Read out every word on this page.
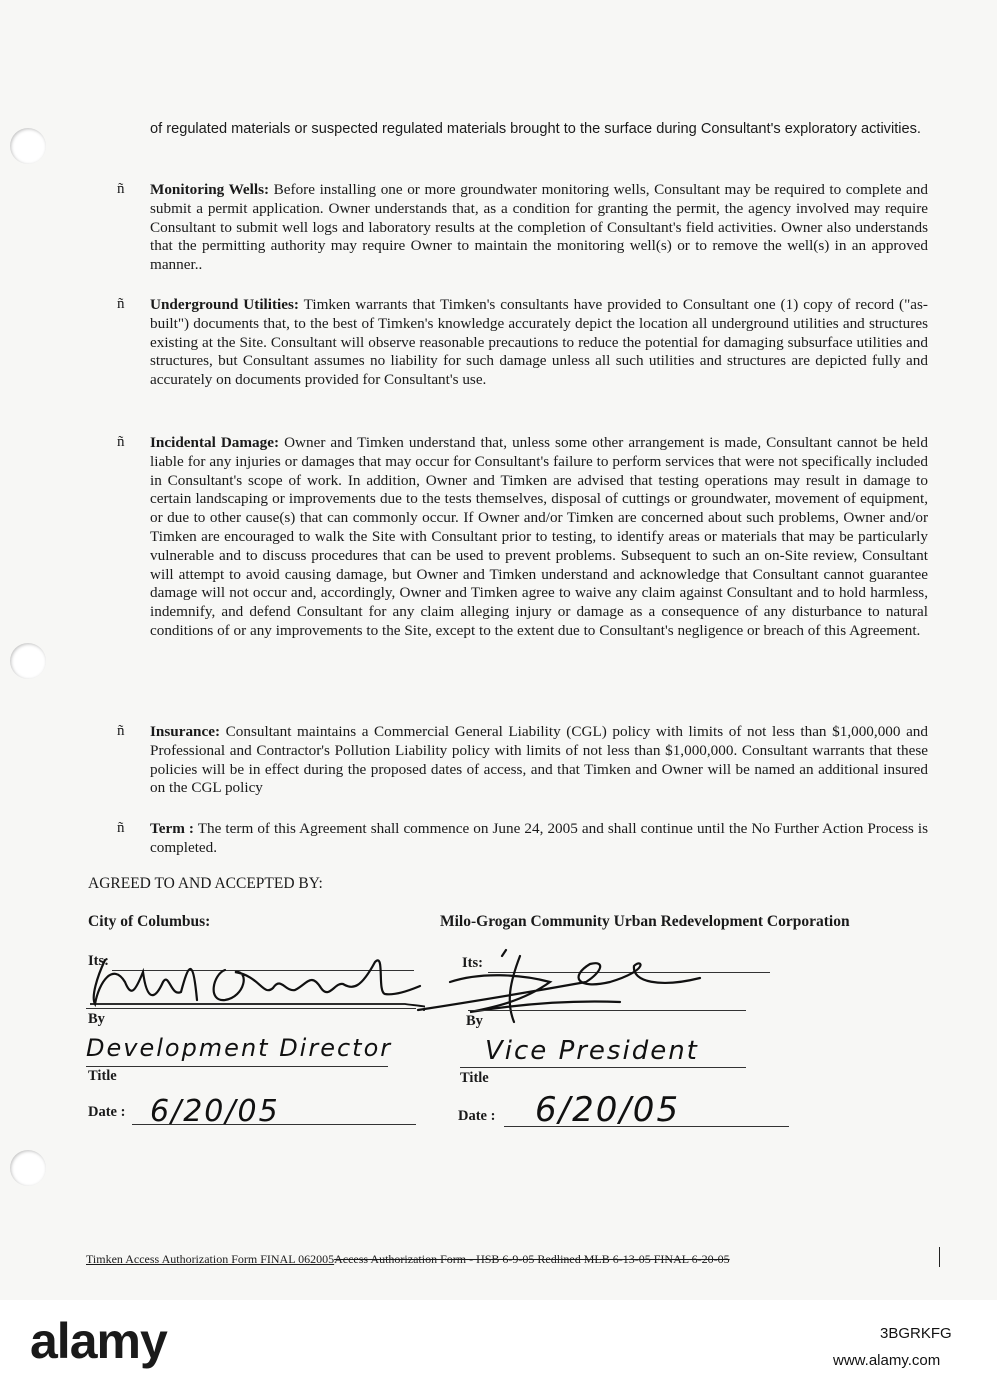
of regulated materials or suspected regulated materials brought to the surface during Consultant's exploratory activities.
ñ Monitoring Wells: Before installing one or more groundwater monitoring wells, Consultant may be required to complete and submit a permit application. Owner understands that, as a condition for granting the permit, the agency involved may require Consultant to submit well logs and laboratory results at the completion of Consultant's field activities. Owner also understands that the permitting authority may require Owner to maintain the monitoring well(s) or to remove the well(s) in an approved manner..
ñ Underground Utilities: Timken warrants that Timken's consultants have provided to Consultant one (1) copy of record ("as-built") documents that, to the best of Timken's knowledge accurately depict the location all underground utilities and structures existing at the Site. Consultant will observe reasonable precautions to reduce the potential for damaging subsurface utilities and structures, but Consultant assumes no liability for such damage unless all such utilities and structures are depicted fully and accurately on documents provided for Consultant's use.
ñ Incidental Damage: Owner and Timken understand that, unless some other arrangement is made, Consultant cannot be held liable for any injuries or damages that may occur for Consultant's failure to perform services that were not specifically included in Consultant's scope of work. In addition, Owner and Timken are advised that testing operations may result in damage to certain landscaping or improvements due to the tests themselves, disposal of cuttings or groundwater, movement of equipment, or due to other cause(s) that can commonly occur. If Owner and/or Timken are concerned about such problems, Owner and/or Timken are encouraged to walk the Site with Consultant prior to testing, to identify areas or materials that may be particularly vulnerable and to discuss procedures that can be used to prevent problems. Subsequent to such an on-Site review, Consultant will attempt to avoid causing damage, but Owner and Timken understand and acknowledge that Consultant cannot guarantee damage will not occur and, accordingly, Owner and Timken agree to waive any claim against Consultant and to hold harmless, indemnify, and defend Consultant for any claim alleging injury or damage as a consequence of any disturbance to natural conditions of or any improvements to the Site, except to the extent due to Consultant's negligence or breach of this Agreement.
ñ Insurance: Consultant maintains a Commercial General Liability (CGL) policy with limits of not less than $1,000,000 and Professional and Contractor's Pollution Liability policy with limits of not less than $1,000,000. Consultant warrants that these policies will be in effect during the proposed dates of access, and that Timken and Owner will be named an additional insured on the CGL policy
ñ Term : The term of this Agreement shall commence on June 24, 2005 and shall continue until the No Further Action Process is completed.
AGREED TO AND ACCEPTED BY:
City of Columbus:
Its:
By
Development Director
Title
Date : 6/20/05
Milo-Grogan Community Urban Redevelopment Corporation
Its:
By
Vice President
Title
Date : 6/20/05
Timken Access Authorization Form FINAL 062005Access Authorization Form - HSB 6-9-05 Redlined MLB 6-13-05 FINAL 6-20-05
alamy	3BGRKFG
www.alamy.com
